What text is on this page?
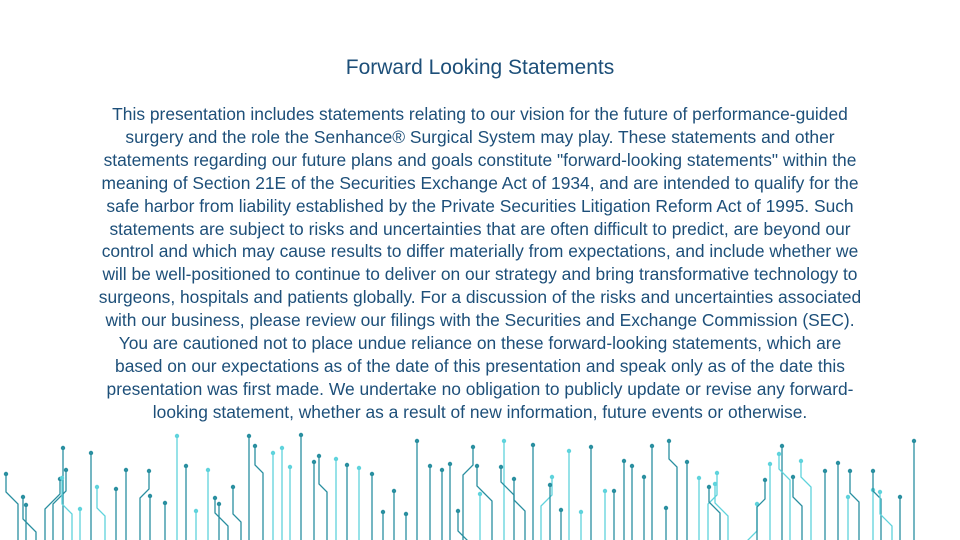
Forward Looking Statements
This presentation includes statements relating to our vision for the future of performance-guided
surgery and the role the Senhance® Surgical System may play. These statements and other
statements regarding our future plans and goals constitute "forward-looking statements" within the
meaning of Section 21E of the Securities Exchange Act of 1934, and are intended to qualify for the
safe harbor from liability established by the Private Securities Litigation Reform Act of 1995. Such
statements are subject to risks and uncertainties that are often difficult to predict, are beyond our
control and which may cause results to differ materially from expectations, and include whether we
will be well-positioned to continue to deliver on our strategy and bring transformative technology to
surgeons, hospitals and patients globally. For a discussion of the risks and uncertainties associated
with our business, please review our filings with the Securities and Exchange Commission (SEC).
You are cautioned not to place undue reliance on these forward-looking statements, which are
based on our expectations as of the date of this presentation and speak only as of the date this
presentation was first made. We undertake no obligation to publicly update or revise any forward-
looking statement, whether as a result of new information, future events or otherwise.
